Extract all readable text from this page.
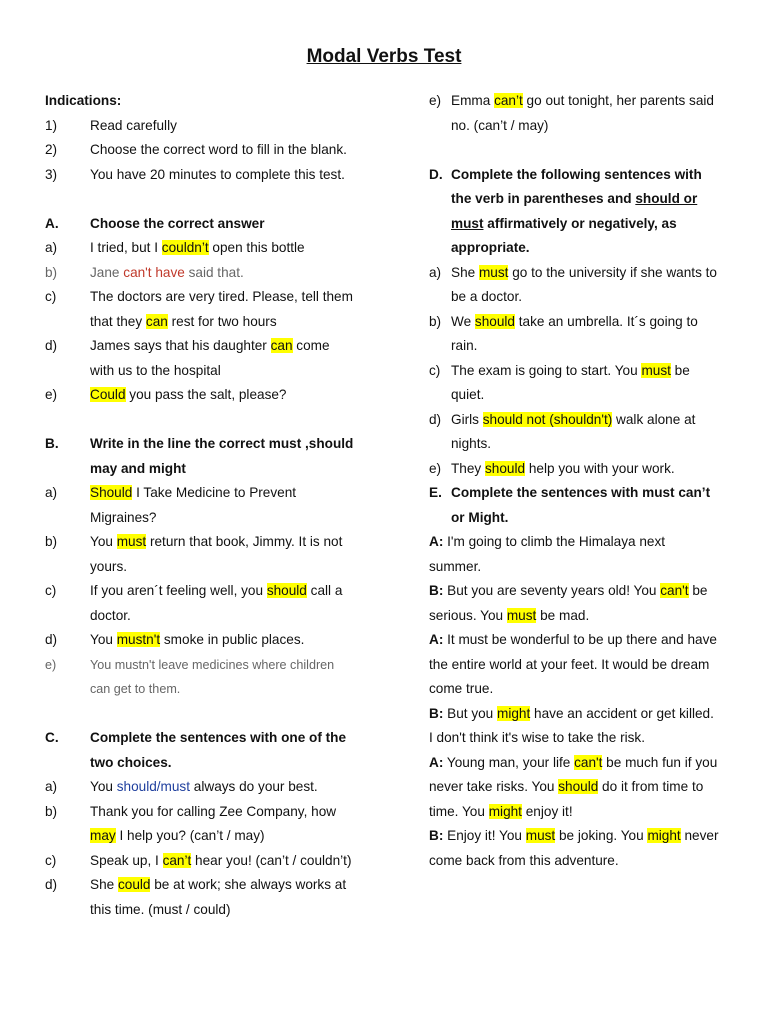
Modal Verbs Test
Indications:
1)	Read carefully
2)	Choose the correct word to fill in the blank.
3)	You have 20 minutes to complete this test.
A.	Choose the correct answer
a)	I tried, but I couldn’t open this bottle
b)	Jane can't have said that.
c)	The doctors are very tired. Please, tell them
that they can rest for two hours
d)	James says that his daughter can come
with us to the hospital
e)	Could you pass the salt, please?
B.	Write in the line the correct must ,should
may and might
a)	Should I Take Medicine to Prevent
Migraines?
b)	You must return that book, Jimmy. It is not
yours.
c)	If you aren´t feeling well, you should call a
doctor.
d)	You mustn't smoke in public places.
e)	You mustn't leave medicines where children
can get to them.
C.	Complete the sentences with one of the
two choices.
a)	You should/must always do your best.
b)	Thank you for calling Zee Company, how
may I help you? (can’t / may)
c)	Speak up, I can’t hear you! (can’t / couldn’t)
d)	She could be at work; she always works at
this time. (must / could)
e) Emma can’t go out tonight, her parents said
no. (can’t / may)
D. Complete the following sentences with
the verb in parentheses and should or
must affirmatively or negatively, as
appropriate.
a) She must go to the university if she wants to
be a doctor.
b) We should take an umbrella. It´s going to
rain.
c) The exam is going to start. You must be
quiet.
d) Girls should not (shouldn't) walk alone at
nights.
e) They should help you with your work.
E. Complete the sentences with must can’t
or Might.
A: I'm going to climb the Himalaya next
summer.
B: But you are seventy years old! You can't be
serious. You must be mad.
A: It must be wonderful to be up there and have
the entire world at your feet. It would be dream
come true.
B: But you might have an accident or get killed.
I don't think it's wise to take the risk.
A: Young man, your life can't be much fun if you
never take risks. You should do it from time to
time. You might enjoy it!
B: Enjoy it! You must be joking. You might never
come back from this adventure.
